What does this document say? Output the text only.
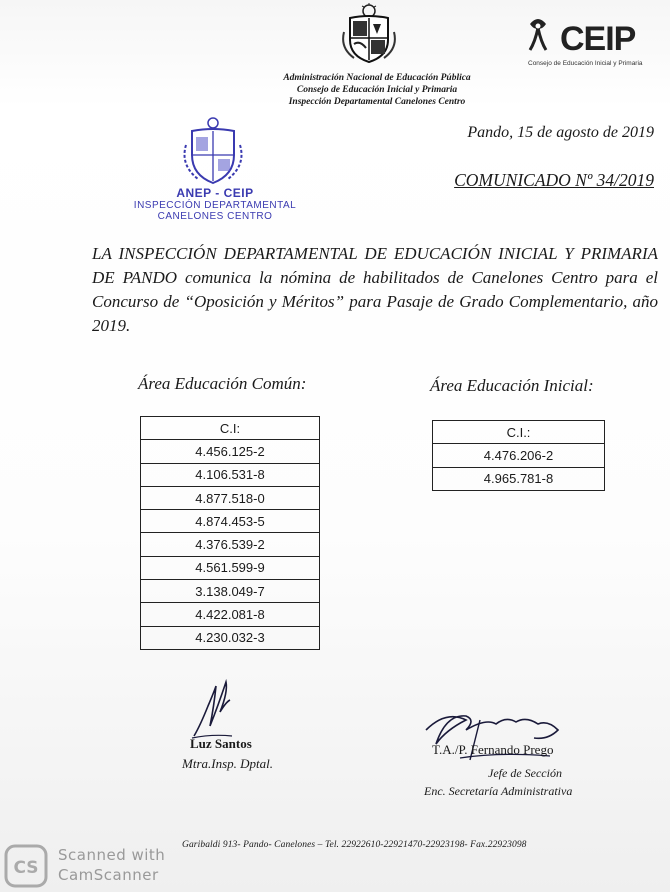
CEIP
Consejo de Educación Inicial y Primaria
Administración Nacional de Educación Pública
Consejo de Educación Inicial y Primaria
Inspección Departamental Canelones Centro
ANEP - CEIP
INSPECCIÓN DEPARTAMENTAL
CANELONES CENTRO
Pando, 15 de agosto de 2019
COMUNICADO Nº 34/2019
LA INSPECCIÓN DEPARTAMENTAL DE EDUCACIÓN INICIAL Y PRIMARIA DE PANDO comunica la nómina de habilitados de Canelones Centro para el Concurso de “Oposición y Méritos” para Pasaje de Grado Complementario, año 2019.
Área Educación Común:	Área Educación Inicial:
C.I:
4.456.125-2
4.106.531-8
4.877.518-0
4.874.453-5
4.376.539-2
4.561.599-9
3.138.049-7
4.422.081-8
4.230.032-3
C.I.:
4.476.206-2
4.965.781-8
Luz Santos
Mtra.Insp. Dptal.
T.A./P. Fernando Prego
Jefe de Sección
Enc. Secretaría Administrativa
Garibaldi 913- Pando- Canelones – Tel. 22922610-22921470-22923198- Fax.22923098
CS
Scanned with
CamScanner
